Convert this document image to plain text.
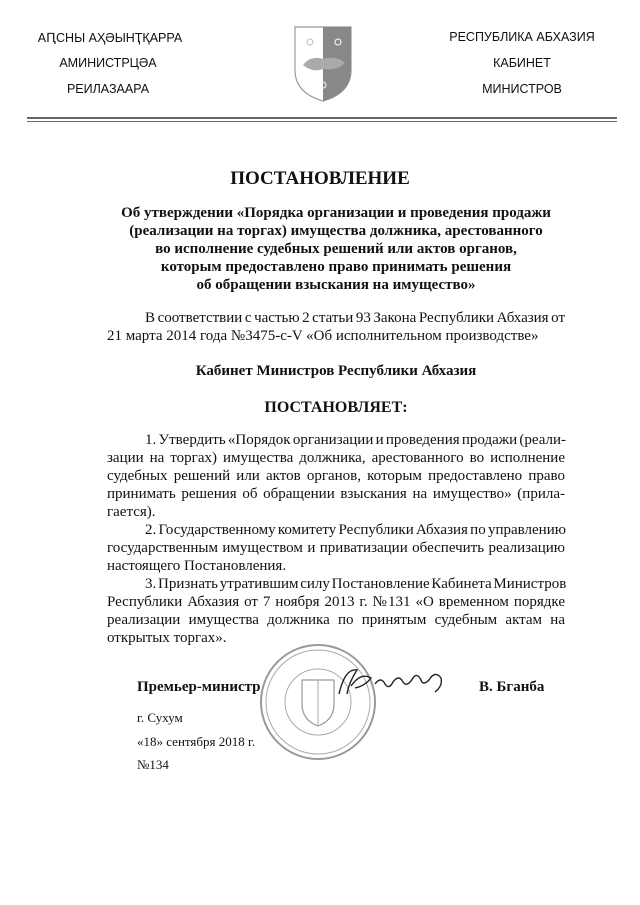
АԤСНЫ АҲӘЫНҬҚАРРА
АМИНИСТРЦӘА
РЕИЛАЗААРА
РЕСПУБЛИКА АБХАЗИЯ
КАБИНЕТ
МИНИСТРОВ
ПОСТАНОВЛЕНИЕ
Об утверждении «Порядка организации и проведения продажи
(реализации на торгах) имущества должника, арестованного
во исполнение судебных решений или актов органов,
которым предоставлено право принимать решения
об обращении взыскания на имущество»
В соответствии с частью 2 статьи 93 Закона Республики Абхазия от
21 марта 2014 года №3475-с-V «Об исполнительном производстве»
Кабинет Министров Республики Абхазия
ПОСТАНОВЛЯЕТ:
1. Утвердить «Порядок организации и проведения продажи (реали-
зации на торгах) имущества должника, арестованного во исполнение
судебных решений или актов органов, которым предоставлено право
принимать решения об обращении взыскания на имущество» (прила-
гается).
2. Государственному комитету Республики Абхазия по управлению
государственным имуществом и приватизации обеспечить реализацию
настоящего Постановления.
3. Признать утратившим силу Постановление Кабинета Министров
Республики Абхазия от 7 ноября 2013 г. №131 «О временном порядке
реализации имущества должника по принятым судебным актам на
открытых торгах».
Премьер-министр	В. Бганба
г. Сухум
«18» сентября 2018 г.
№134
